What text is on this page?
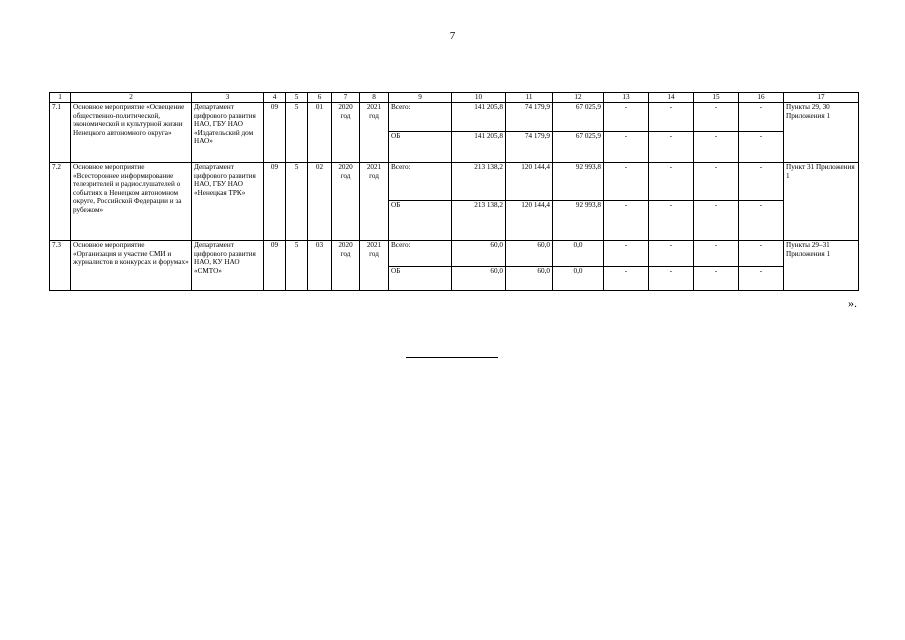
7
1	2	3	4	5	6	7	8	9	10	11	12	13	14	15	16	17
7.1	Основное мероприятие «Освещение общественно-политической, экономической и культурной жизни Ненецкого автономного округа»	Департамент цифрового развития НАО, ГБУ НАО «Издательский дом НАО»	09	5	01	2020 год	2021 год	Всего:	141 205,8	74 179,9	67 025,9	-	-	-	-	Пункты 29, 30 Приложения 1
								ОБ	141 205,8	74 179,9	67 025,9	-	-	-	-	
7.2	Основное мероприятие «Всестороннее информирование телезрителей и радиослушателей о событиях в Ненецком автономном округе, Российской Федерации и за рубежом»	Департамент цифрового развития НАО, ГБУ НАО «Ненецкая ТРК»	09	5	02	2020 год	2021 год	Всего:	213 138,2	120 144,4	92 993,8	-	-	-	-	Пункт 31 Приложения 1
								ОБ	213 138,2	120 144,4	92 993,8	-	-	-	-	
7.3	Основное мероприятие «Организация и участие СМИ и журналистов в конкурсах и форумах»	Департамент цифрового развития НАО, КУ НАО «СМТО»	09	5	03	2020 год	2021 год	Всего:	60,0	60,0	0,0	-	-	-	-	Пункты 29–31 Приложения 1
								ОБ	60,0	60,0	0,0	-	-	-	-	
».
